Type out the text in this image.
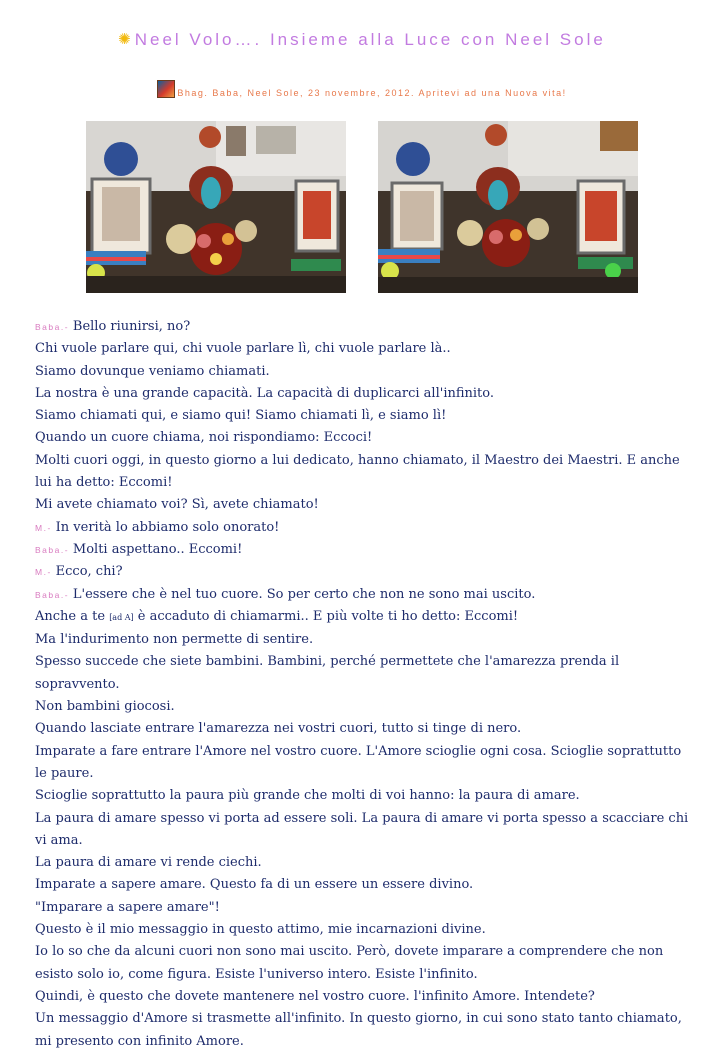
✺ Neel Volo…. Insieme alla Luce con Neel Sole
Bhag. Baba, Neel Sole, 23 novembre, 2012. Apritevi ad una Nuova vita!

Baba.- Bello riunirsi, no?

Chi vuole parlare qui, chi vuole parlare lì, chi vuole parlare là..

Siamo dovunque veniamo chiamati.

La nostra è una grande capacità. La capacità di duplicarci all'infinito.

Siamo chiamati qui, e siamo qui! Siamo chiamati lì, e siamo lì!

Quando un cuore chiama, noi rispondiamo: Eccoci!

Molti cuori oggi, in questo giorno a lui dedicato, hanno chiamato, il Maestro dei Maestri. E anche lui ha detto: Eccomi!

Mi avete chiamato voi? Sì, avete chiamato!

M.- In verità lo abbiamo solo onorato!

Baba.- Molti aspettano.. Eccomi!

M.- Ecco, chi?

Baba.- L'essere che è nel tuo cuore. So per certo che non ne sono mai uscito.

Anche a te [ad A] è accaduto di chiamarmi.. E più volte ti ho detto: Eccomi!

Ma l'indurimento non permette di sentire.

Spesso succede che siete bambini. Bambini, perché permettete che l'amarezza prenda il sopravvento.

Non bambini giocosi.

Quando lasciate entrare l'amarezza nei vostri cuori, tutto si tinge di nero.

Imparate a fare entrare l'Amore nel vostro cuore. L'Amore scioglie ogni cosa. Scioglie soprattutto le paure.

Scioglie soprattutto la paura più grande che molti di voi hanno: la paura di amare.

La paura di amare spesso vi porta ad essere soli. La paura di amare vi porta spesso a scacciare chi vi ama.

La paura di amare vi rende ciechi.

Imparate a sapere amare. Questo fa di un essere un essere divino.

"Imparare a sapere amare"!

Questo è il mio messaggio in questo attimo, mie incarnazioni divine.

Io lo so che da alcuni cuori non sono mai uscito. Però, dovete imparare a comprendere che non esisto solo io, come figura. Esiste l'universo intero. Esiste l'infinito.

Quindi, è questo che dovete mantenere nel vostro cuore. l'infinito Amore. Intendete?

Un messaggio d'Amore si trasmette all'infinito. In questo giorno, in cui sono stato tanto chiamato, mi presento con infinito Amore.
